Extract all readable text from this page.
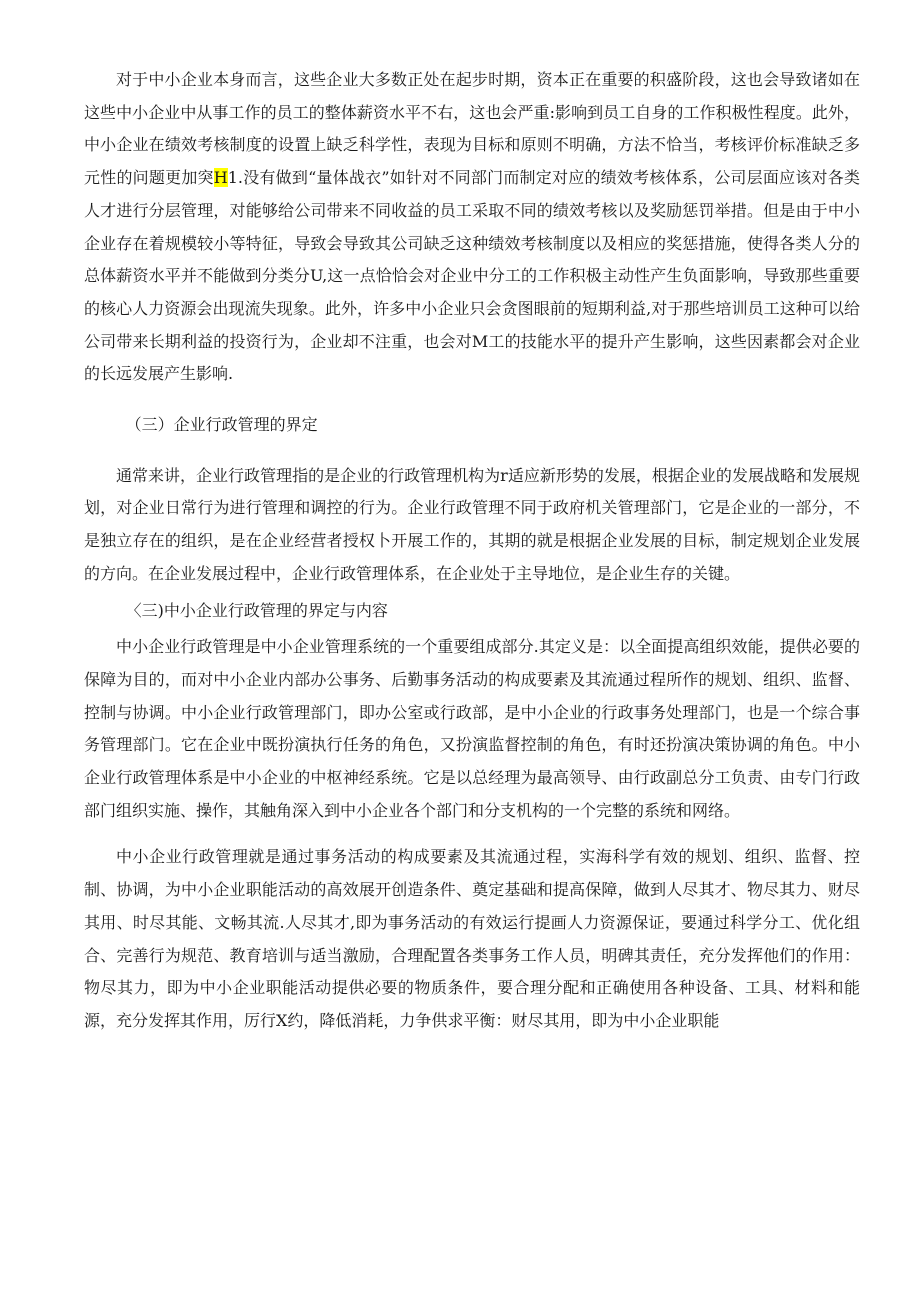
对于中小企业本身而言，这些企业大多数正处在起步时期，资本正在重要的积盛阶段，这也会导致诸如在这些中小企业中从事工作的员工的整体薪资水平不右，这也会严重:影响到员工自身的工作积极性程度。此外，中小企业在绩效考核制度的设置上缺乏科学性，表现为目标和原则不明确，方法不恰当，考核评价标准缺乏多元性的问题更加突H1.没有做到“量体战衣”如针对不同部门而制定对应的绩效考核体系，公司层面应该对各类人才进行分层管理，对能够给公司带来不同收益的员工采取不同的绩效考核以及奖励惩罚举措。但是由于中小企业存在着规模较小等特征，导致会导致其公司缺乏这种绩效考核制度以及相应的奖惩措施，使得各类人分的总体薪资水平并不能做到分类分U,这一点恰恰会对企业中分工的工作积极主动性产生负面影响，导致那些重要的核心人力资源会出现流失现象。此外，许多中小企业只会贪图眼前的短期利益,对于那些培训员工这种可以给公司带来长期利益的投资行为，企业却不注重，也会对M工的技能水平的提升产生影响，这些因素都会对企业的长远发展产生影响.

（三）企业行政管理的界定

通常来讲，企业行政管理指的是企业的行政管理机构为r适应新形势的发展，根据企业的发展战略和发展规划，对企业日常行为进行管理和调控的行为。企业行政管理不同于政府机关管理部门，它是企业的一部分，不是独立存在的组织，是在企业经营者授权卜开展工作的，其期的就是根据企业发展的目标，制定规划企业发展的方向。在企业发展过程中，企业行政管理体系，在企业处于主导地位，是企业生存的关键。

〈三)中小企业行政管理的界定与内容

中小企业行政管理是中小企业管理系统的一个重要组成部分.其定义是：以全面提高组织效能，提供必要的保障为目的，而对中小企业内部办公事务、后勤事务活动的构成要素及其流通过程所作的规划、组织、监督、控制与协调。中小企业行政管理部门，即办公室或行政部，是中小企业的行政事务处理部门，也是一个综合事务管理部门。它在企业中既扮演执行任务的角色，又扮演监督控制的角色，有时还扮演决策协调的角色。中小企业行政管理体系是中小企业的中枢神经系统。它是以总经理为最高领导、由行政副总分工负责、由专门行政部门组织实施、操作，其触角深入到中小企业各个部门和分支机构的一个完整的系统和网络。

中小企业行政管理就是通过事务活动的构成要素及其流通过程，实海科学有效的规划、组织、监督、控制、协调，为中小企业职能活动的高效展开创造条件、奠定基础和提高保障，做到人尽其才、物尽其力、财尽其用、时尽其能、文畅其流.人尽其才,即为事务活动的有效运行提画人力资源保证，要通过科学分工、优化组合、完善行为规范、教育培训与适当激励，合理配置各类事务工作人员，明碑其责任，充分发挥他们的作用：物尽其力，即为中小企业职能活动提供必要的物质条件，要合理分配和正确使用各种设备、工具、材料和能源，充分发挥其作用，厉行X约，降低消耗，力争供求平衡：财尽其用，即为中小企业职能
